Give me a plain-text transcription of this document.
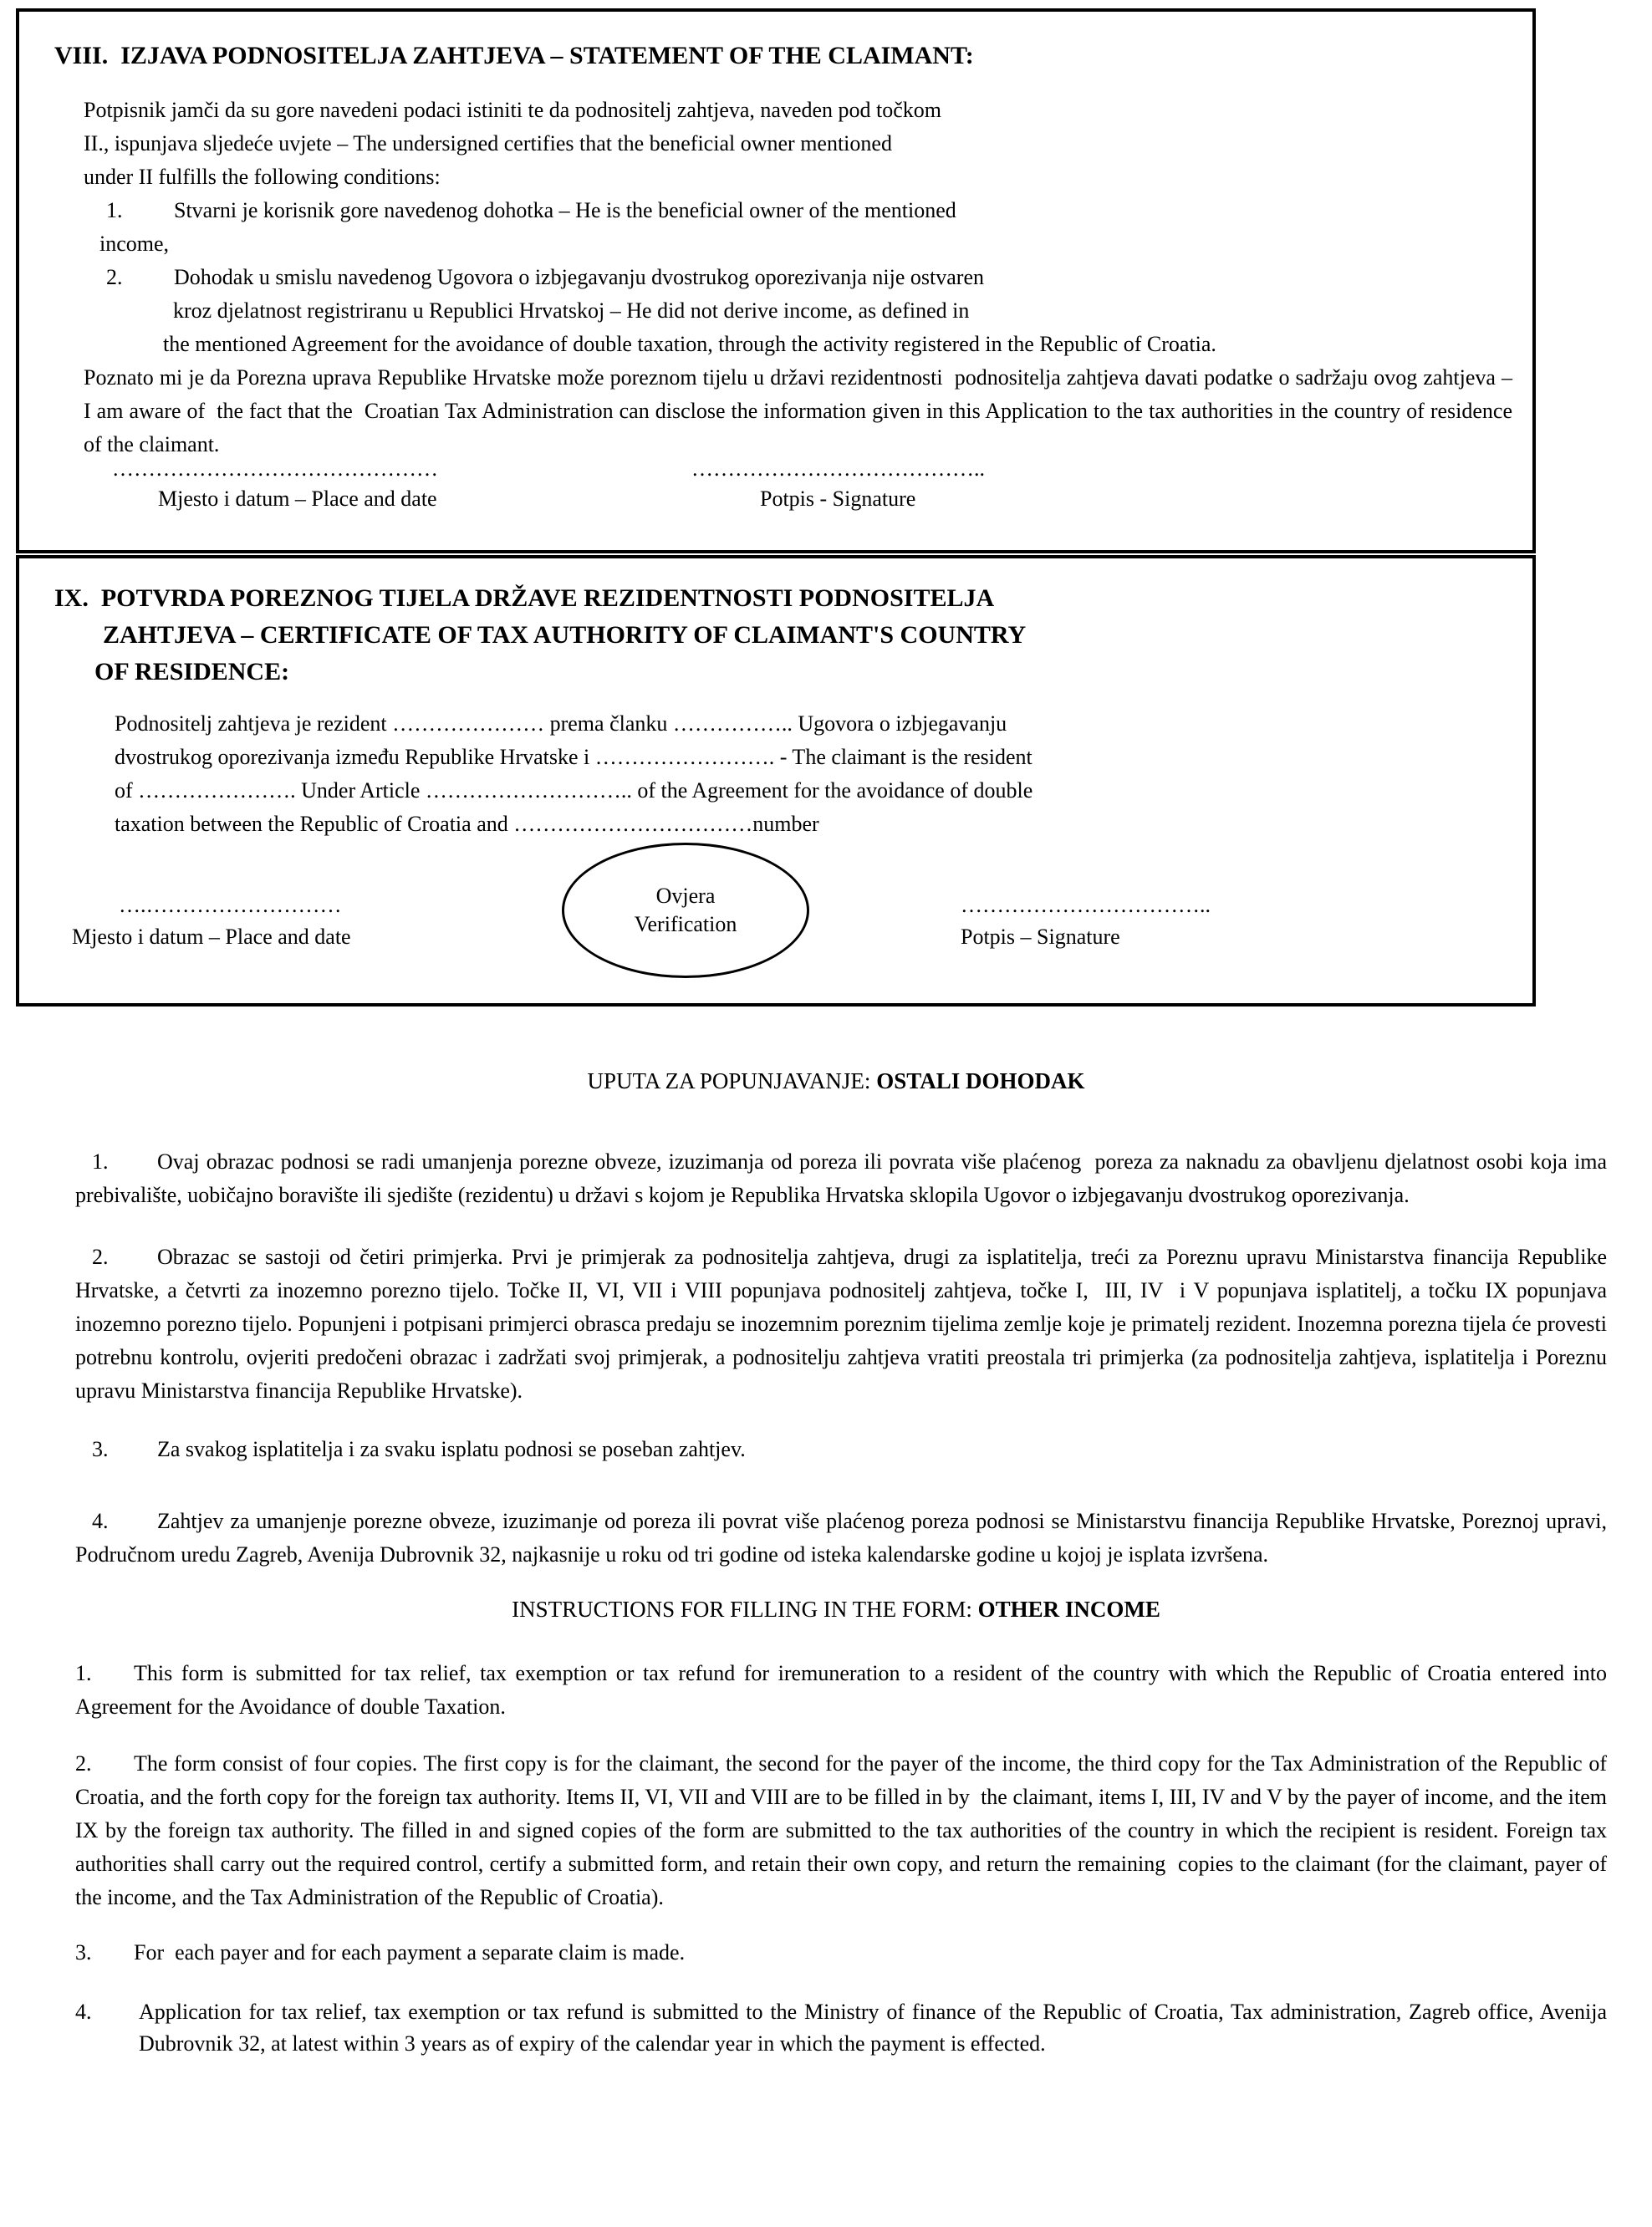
VIII.  IZJAVA PODNOSITELJA ZAHTJEVA – STATEMENT OF THE CLAIMANT:
Potpisnik jamči da su gore navedeni podaci istiniti te da podnositelj zahtjeva, naveden pod točkom
II., ispunjava sljedeće uvjete – The undersigned certifies that the beneficial owner mentioned
under II fulfills the following conditions:
1. Stvarni je korisnik gore navedenog dohotka – He is the beneficial owner of the mentioned
income,
2. Dohodak u smislu navedenog Ugovora o izbjegavanju dvostrukog oporezivanja nije ostvaren
kroz djelatnost registriranu u Republici Hrvatskoj – He did not derive income, as defined in
the mentioned Agreement for the avoidance of double taxation, through the activity registered in the Republic of Croatia.

Poznato mi je da Porezna uprava Republike Hrvatske može poreznom tijelu u državi rezidentnosti  podnositelja zahtjeva davati podatke o sadržaju ovog zahtjeva – I am aware of  the fact that the  Croatian Tax Administration can disclose the information given in this Application to the tax authorities in the country of residence of the claimant.

………………………………………
Mjesto i datum – Place and date
…………………………………..
Potpis - Signature
IX.  POTVRDA POREZNOG TIJELA DRŽAVE REZIDENTNOSTI PODNOSITELJA
ZAHTJEVA – CERTIFICATE OF TAX AUTHORITY OF CLAIMANT'S COUNTRY
OF RESIDENCE:
Podnositelj zahtjeva je rezident ………………… prema članku …………….. Ugovora o izbjegavanju
dvostrukog oporezivanja između Republike Hrvatske i ……………………. - The claimant is the resident
of …………………. Under Article ……………………….. of the Agreement for the avoidance of double
taxation between the Republic of Croatia and ……………………………number
….………………………
Mjesto i datum – Place and date
Ovjera
Verification
……………………………..
Potpis – Signature
UPUTA ZA POPUNJAVANJE: OSTALI DOHODAK

1. Ovaj obrazac podnosi se radi umanjenja porezne obveze, izuzimanja od poreza ili povrata više plaćenog  poreza za naknadu za obavljenu djelatnost osobi koja ima prebivalište, uobičajno boravište ili sjedište (rezidentu) u državi s kojom je Republika Hrvatska sklopila Ugovor o izbjegavanju dvostrukog oporezivanja.

2. Obrazac se sastoji od četiri primjerka. Prvi je primjerak za podnositelja zahtjeva, drugi za isplatitelja, treći za Poreznu upravu Ministarstva financija Republike Hrvatske, a četvrti za inozemno porezno tijelo. Točke II, VI, VII i VIII popunjava podnositelj zahtjeva, točke I,  III, IV  i V popunjava isplatitelj, a točku IX popunjava inozemno porezno tijelo. Popunjeni i potpisani primjerci obrasca predaju se inozemnim poreznim tijelima zemlje koje je primatelj rezident. Inozemna porezna tijela će provesti potrebnu kontrolu, ovjeriti predočeni obrazac i zadržati svoj primjerak, a podnositelju zahtjeva vratiti preostala tri primjerka (za podnositelja zahtjeva, isplatitelja i Poreznu upravu Ministarstva financija Republike Hrvatske).

3. Za svakog isplatitelja i za svaku isplatu podnosi se poseban zahtjev.

4. Zahtjev za umanjenje porezne obveze, izuzimanje od poreza ili povrat više plaćenog poreza podnosi se Ministarstvu financija Republike Hrvatske, Poreznoj upravi, Područnom uredu Zagreb, Avenija Dubrovnik 32, najkasnije u roku od tri godine od isteka kalendarske godine u kojoj je isplata izvršena.

INSTRUCTIONS FOR FILLING IN THE FORM: OTHER INCOME

1. This form is submitted for tax relief, tax exemption or tax refund for iremuneration to a resident of the country with which the Republic of Croatia entered into Agreement for the Avoidance of double Taxation.

2. The form consist of four copies. The first copy is for the claimant, the second for the payer of the income, the third copy for the Tax Administration of the Republic of Croatia, and the forth copy for the foreign tax authority. Items II, VI, VII and VIII are to be filled in by  the claimant, items I, III, IV and V by the payer of income, and the item IX by the foreign tax authority. The filled in and signed copies of the form are submitted to the tax authorities of the country in which the recipient is resident. Foreign tax authorities shall carry out the required control, certify a submitted form, and retain their own copy, and return the remaining  copies to the claimant (for the claimant, payer of the income, and the Tax Administration of the Republic of Croatia).

3. For  each payer and for each payment a separate claim is made.

4. Application for tax relief, tax exemption or tax refund is submitted to the Ministry of finance of the Republic of Croatia, Tax administration, Zagreb office, Avenija Dubrovnik 32, at latest within 3 years as of expiry of the calendar year in which the payment is effected.
